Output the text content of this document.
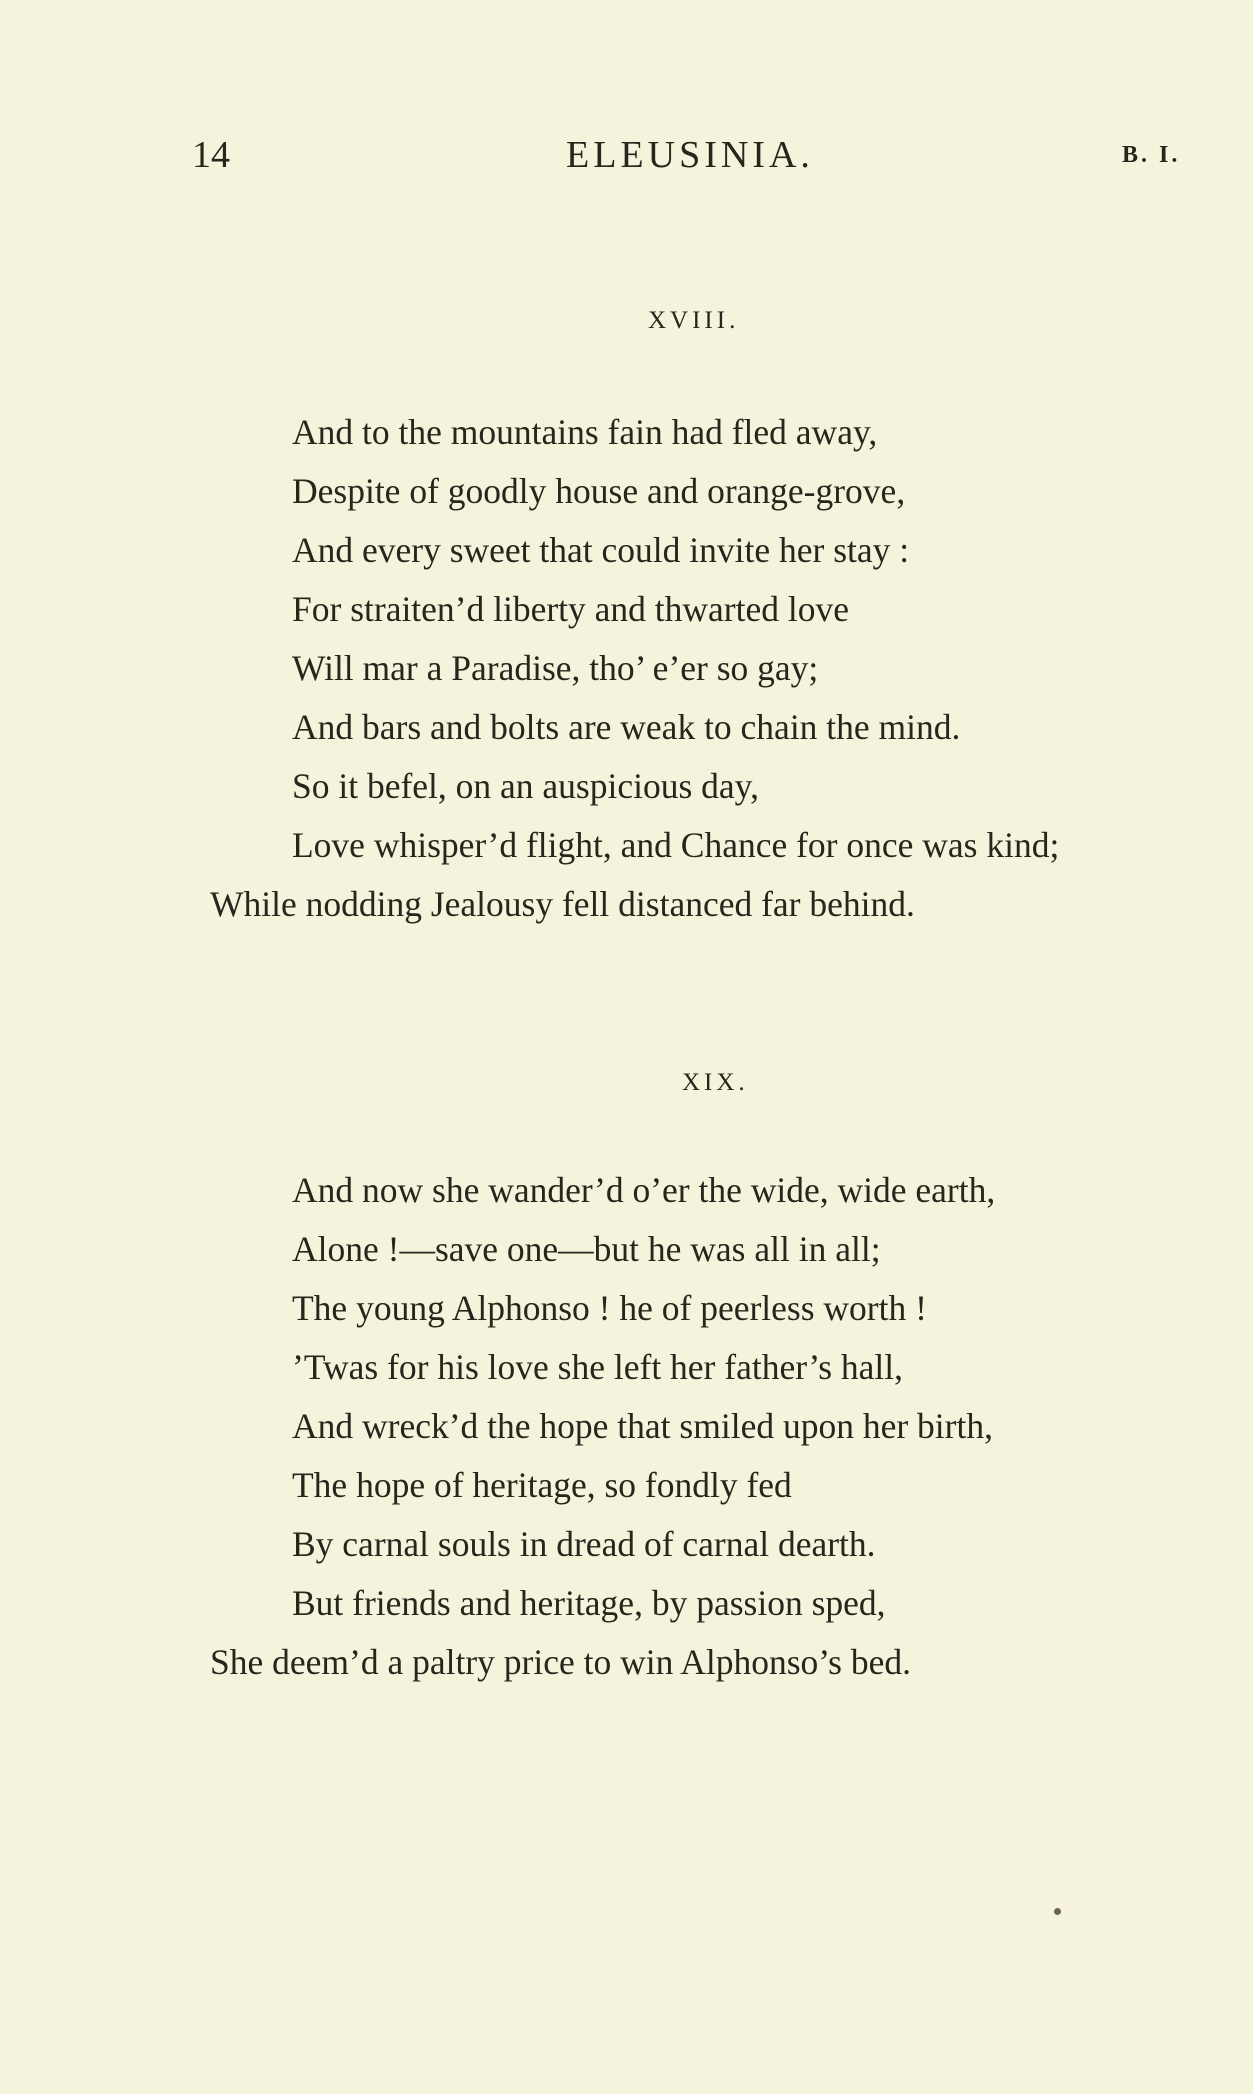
14	ELEUSINIA.	B. I.
XVIII.
And to the mountains fain had fled away,
Despite of goodly house and orange-grove,
And every sweet that could invite her stay :
For straiten’d liberty and thwarted love
Will mar a Paradise, tho’ e’er so gay;
And bars and bolts are weak to chain the mind.
So it befel, on an auspicious day,
Love whisper’d flight, and Chance for once was kind;
While nodding Jealousy fell distanced far behind.
XIX.
And now she wander’d o’er the wide, wide earth,
Alone !—save one—but he was all in all;
The young Alphonso ! he of peerless worth !
’Twas for his love she left her father’s hall,
And wreck’d the hope that smiled upon her birth,
The hope of heritage, so fondly fed
By carnal souls in dread of carnal dearth.
But friends and heritage, by passion sped,
She deem’d a paltry price to win Alphonso’s bed.
